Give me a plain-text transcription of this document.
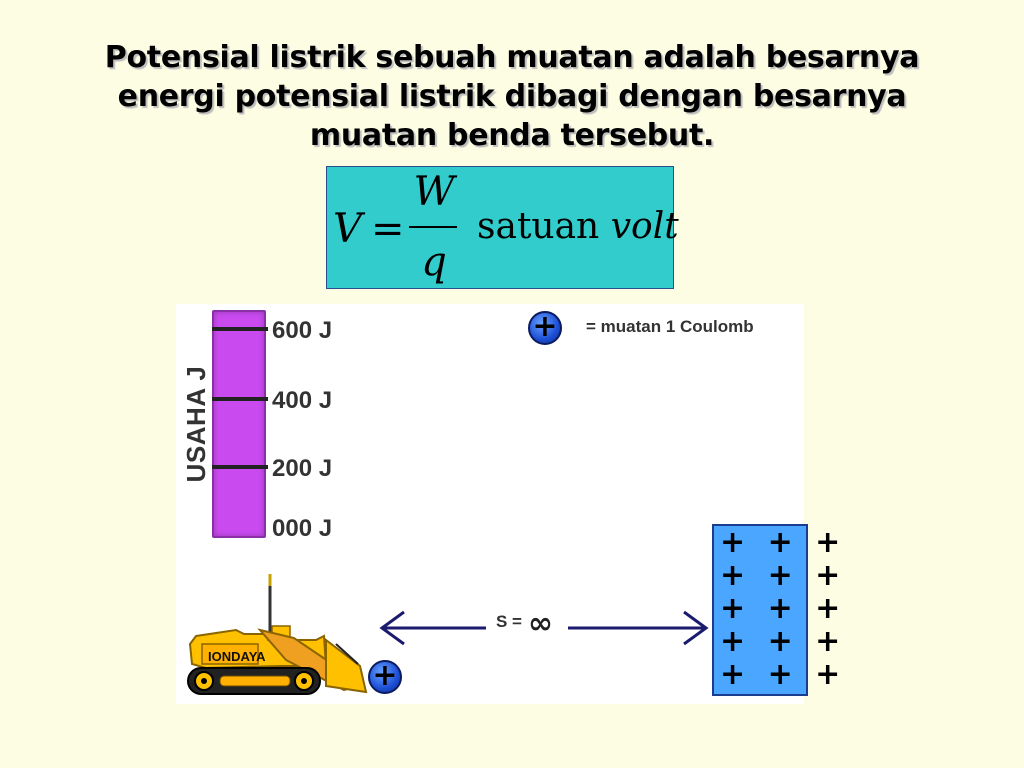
Potensial listrik sebuah muatan adalah besarnya
energi potensial listrik dibagi dengan besarnya
muatan benda tersebut.
V =
W
q
satuan volt
USAHA J
600 J
400 J
200 J
000 J
+ = muatan 1 Coulomb
+ + +
+ + +
+ + +
+ + +
+ + +
IONDAYA
S = ∞
+
